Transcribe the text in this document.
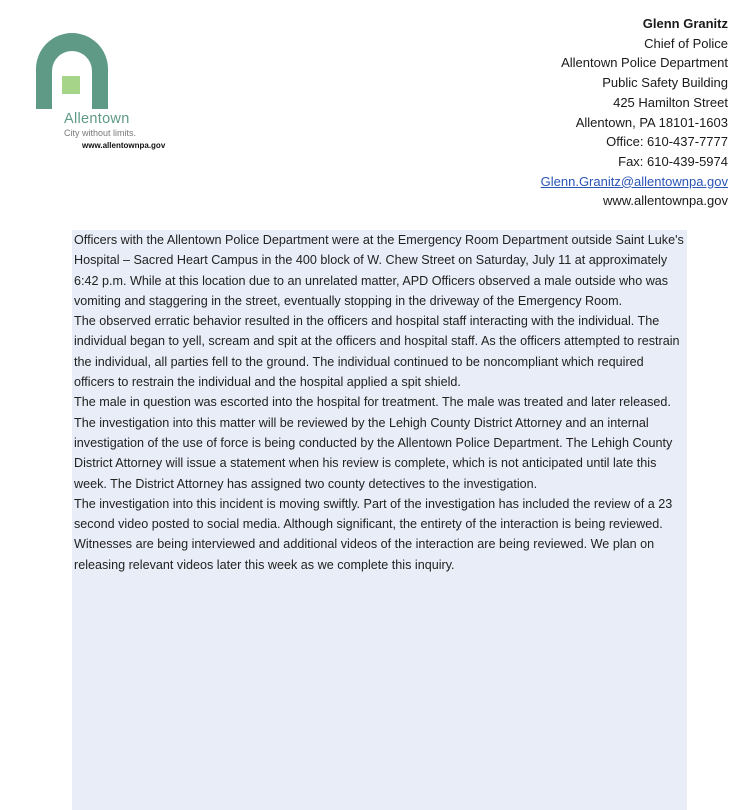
Allentown
City without limits.
www.allentownpa.gov
Glenn Granitz
Chief of Police
Allentown Police Department
Public Safety Building
425 Hamilton Street
Allentown, PA 18101-1603
Office: 610-437-7777
Fax: 610-439-5974
Glenn.Granitz@allentownpa.gov
www.allentownpa.gov

Officers with the Allentown Police Department were at the Emergency Room Department outside Saint Luke's Hospital – Sacred Heart Campus in the 400 block of W. Chew Street on Saturday, July 11 at approximately 6:42 p.m. While at this location due to an unrelated matter, APD Officers observed a male outside who was vomiting and staggering in the street, eventually stopping in the driveway of the Emergency Room.

The observed erratic behavior resulted in the officers and hospital staff interacting with the individual. The individual began to yell, scream and spit at the officers and hospital staff. As the officers attempted to restrain the individual, all parties fell to the ground. The individual continued to be noncompliant which required officers to restrain the individual and the hospital applied a spit shield.

The male in question was escorted into the hospital for treatment. The male was treated and later released.

The investigation into this matter will be reviewed by the Lehigh County District Attorney and an internal investigation of the use of force is being conducted by the Allentown Police Department. The Lehigh County District Attorney will issue a statement when his review is complete, which is not anticipated until late this week. The District Attorney has assigned two county detectives to the investigation.

The investigation into this incident is moving swiftly. Part of the investigation has included the review of a 23 second video posted to social media. Although significant, the entirety of the interaction is being reviewed. Witnesses are being interviewed and additional videos of the interaction are being reviewed. We plan on releasing relevant videos later this week as we complete this inquiry.
